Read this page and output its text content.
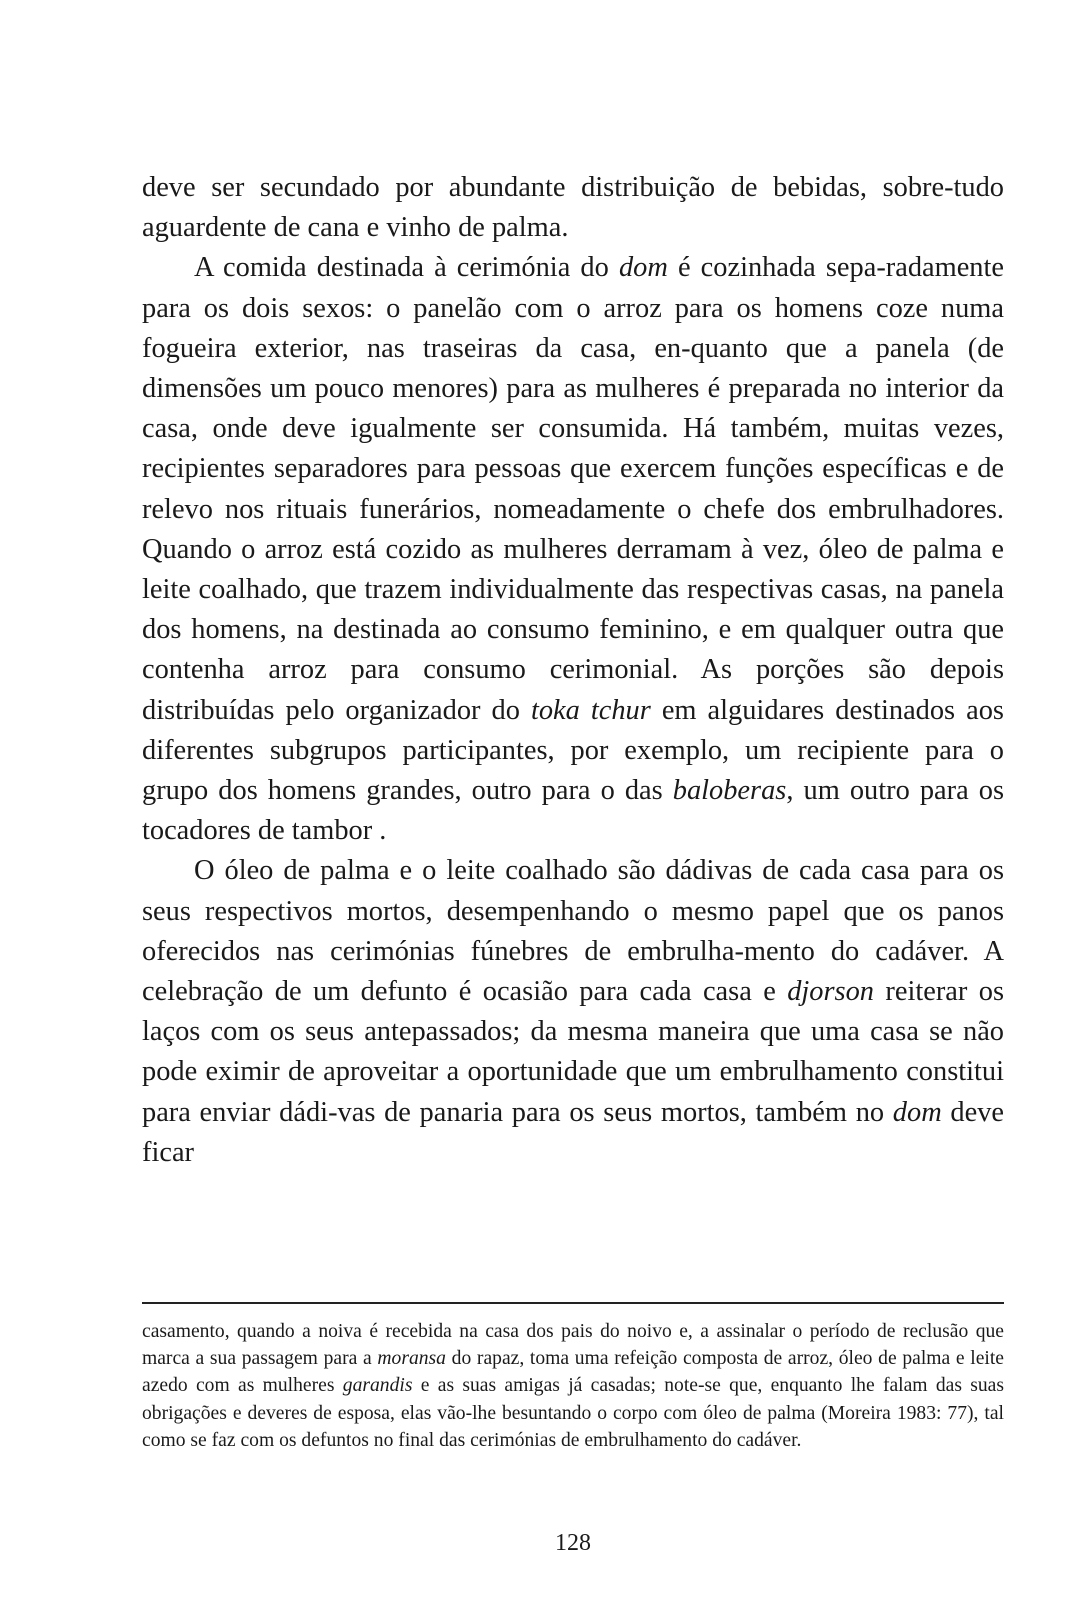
deve ser secundado por abundante distribuição de bebidas, sobre-tudo aguardente de cana e vinho de palma.

A comida destinada à cerimónia do dom é cozinhada sepa-radamente para os dois sexos: o panelão com o arroz para os homens coze numa fogueira exterior, nas traseiras da casa, en-quanto que a panela (de dimensões um pouco menores) para as mulheres é preparada no interior da casa, onde deve igualmente ser consumida. Há também, muitas vezes, recipientes separadores para pessoas que exercem funções específicas e de relevo nos rituais funerários, nomeadamente o chefe dos embrulhadores. Quando o arroz está cozido as mulheres derramam à vez, óleo de palma e leite coalhado, que trazem individualmente das respectivas casas, na panela dos homens, na destinada ao consumo feminino, e em qualquer outra que contenha arroz para consumo cerimonial. As porções são depois distribuídas pelo organizador do toka tchur em alguidares destinados aos diferentes subgrupos participantes, por exemplo, um recipiente para o grupo dos homens grandes, outro para o das baloberas, um outro para os tocadores de tambor .

O óleo de palma e o leite coalhado são dádivas de cada casa para os seus respectivos mortos, desempenhando o mesmo papel que os panos oferecidos nas cerimónias fúnebres de embrulha-mento do cadáver. A celebração de um defunto é ocasião para cada casa e djorson reiterar os laços com os seus antepassados; da mesma maneira que uma casa se não pode eximir de aproveitar a oportunidade que um embrulhamento constitui para enviar dádi-vas de panaria para os seus mortos, também no dom deve ficar

casamento, quando a noiva é recebida na casa dos pais do noivo e, a assinalar o período de reclusão que marca a sua passagem para a moransa do rapaz, toma uma refeição composta de arroz, óleo de palma e leite azedo com as mulheres garandis e as suas amigas já casadas; note-se que, enquanto lhe falam das suas obrigações e deveres de esposa, elas vão-lhe besuntando o corpo com óleo de palma (Moreira 1983: 77), tal como se faz com os defuntos no final das cerimónias de embrulhamento do cadáver.
128
